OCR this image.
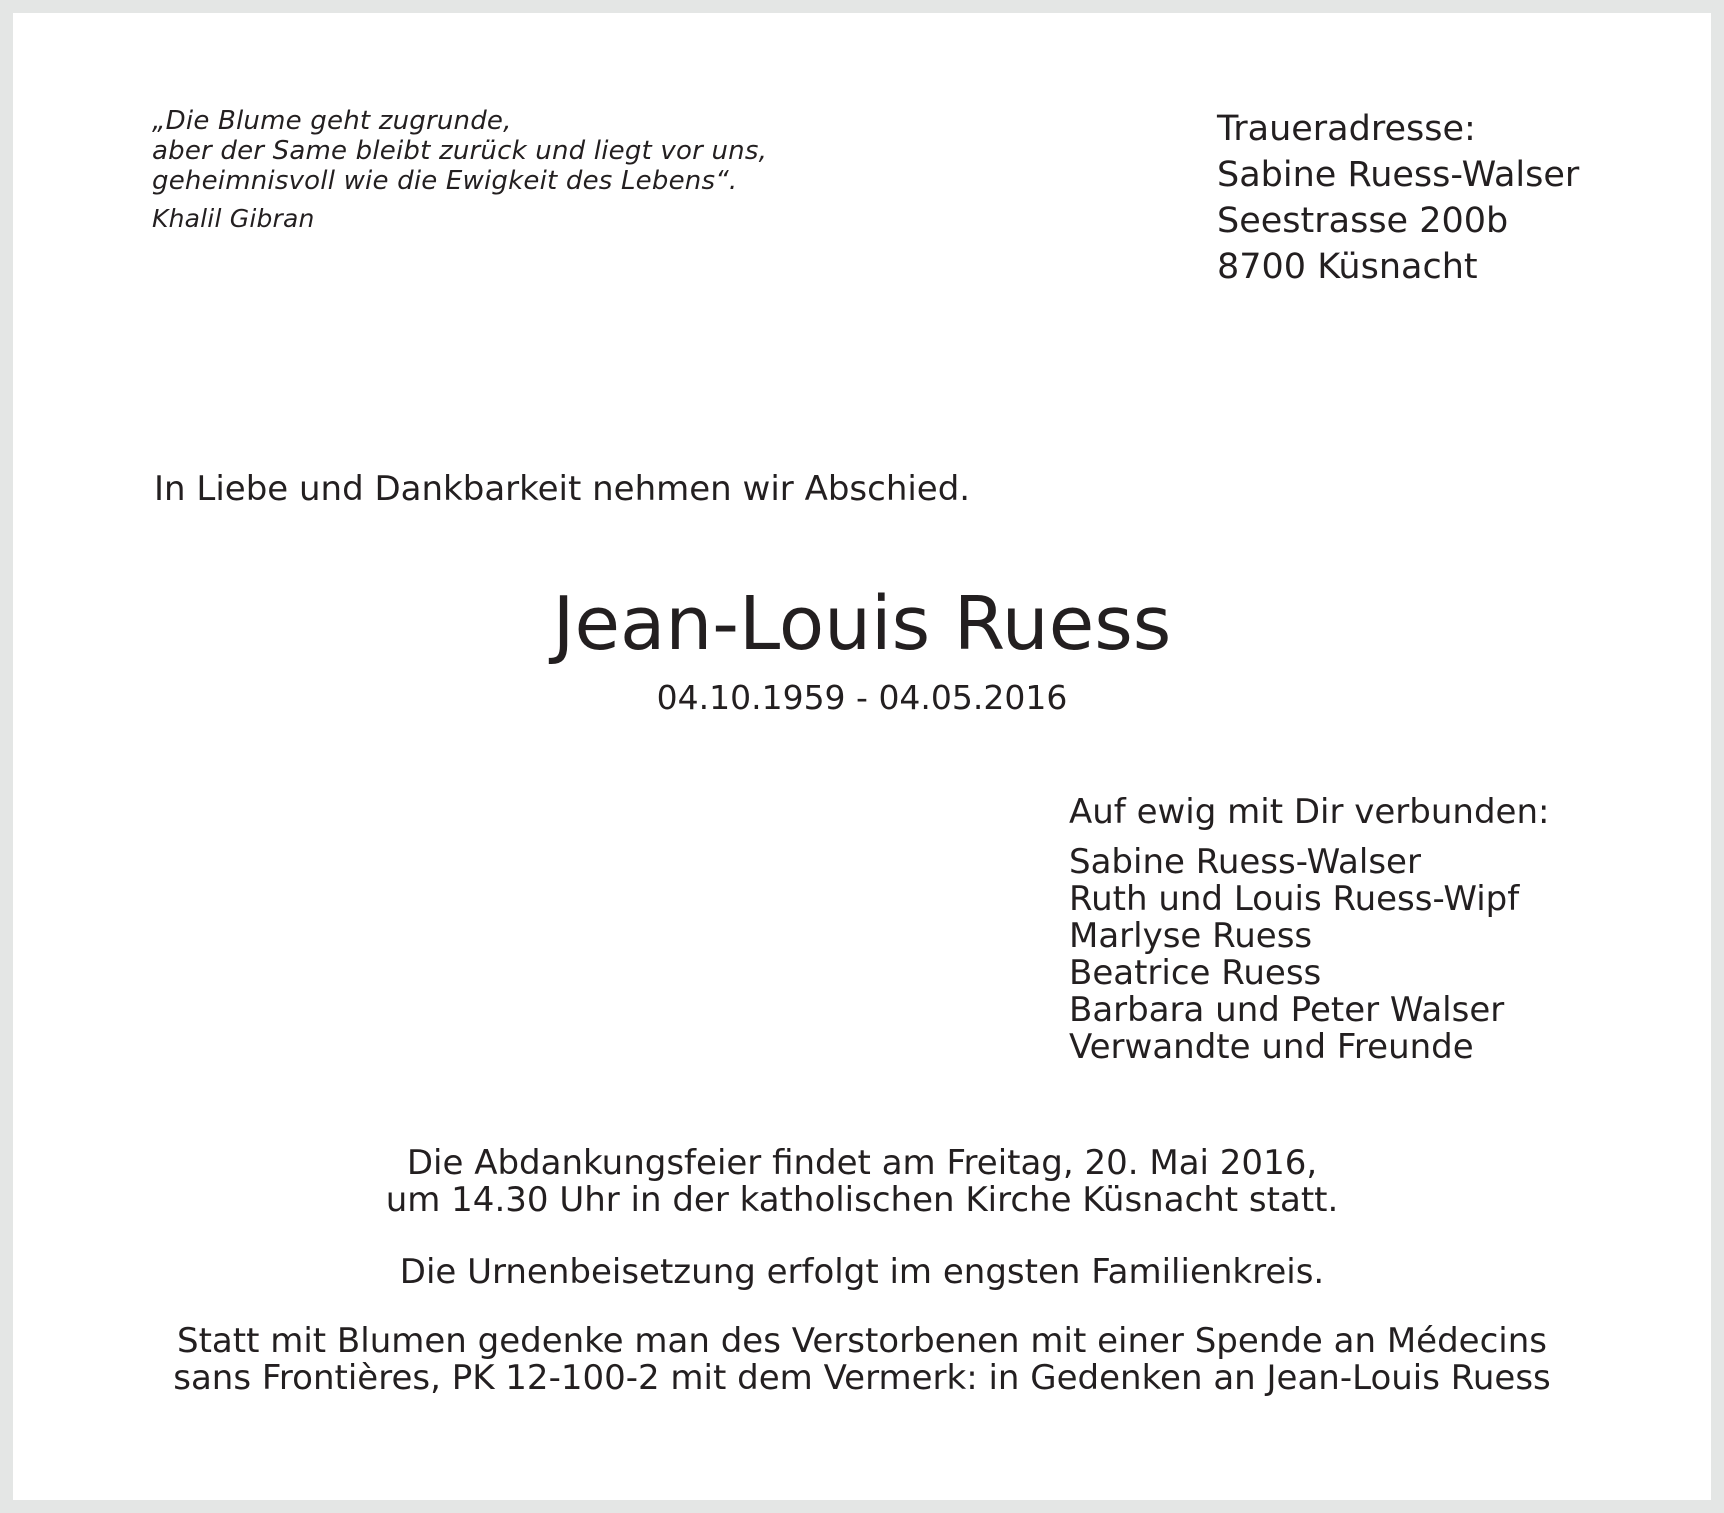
„Die Blume geht zugrunde,
aber der Same bleibt zurück und liegt vor uns,
geheimnisvoll wie die Ewigkeit des Lebens“.
Khalil Gibran
Traueradresse:
Sabine Ruess-Walser
Seestrasse 200b
8700 Küsnacht
In Liebe und Dankbarkeit nehmen wir Abschied.
Jean-Louis Ruess
04.10.1959 - 04.05.2016
Auf ewig mit Dir verbunden:
Sabine Ruess-Walser
Ruth und Louis Ruess-Wipf
Marlyse Ruess
Beatrice Ruess
Barbara und Peter Walser
Verwandte und Freunde
Die Abdankungsfeier findet am Freitag, 20. Mai 2016,
um 14.30 Uhr in der katholischen Kirche Küsnacht statt.
Die Urnenbeisetzung erfolgt im engsten Familienkreis.
Statt mit Blumen gedenke man des Verstorbenen mit einer Spende an Médecins
sans Frontières, PK 12-100-2 mit dem Vermerk: in Gedenken an Jean-Louis Ruess
